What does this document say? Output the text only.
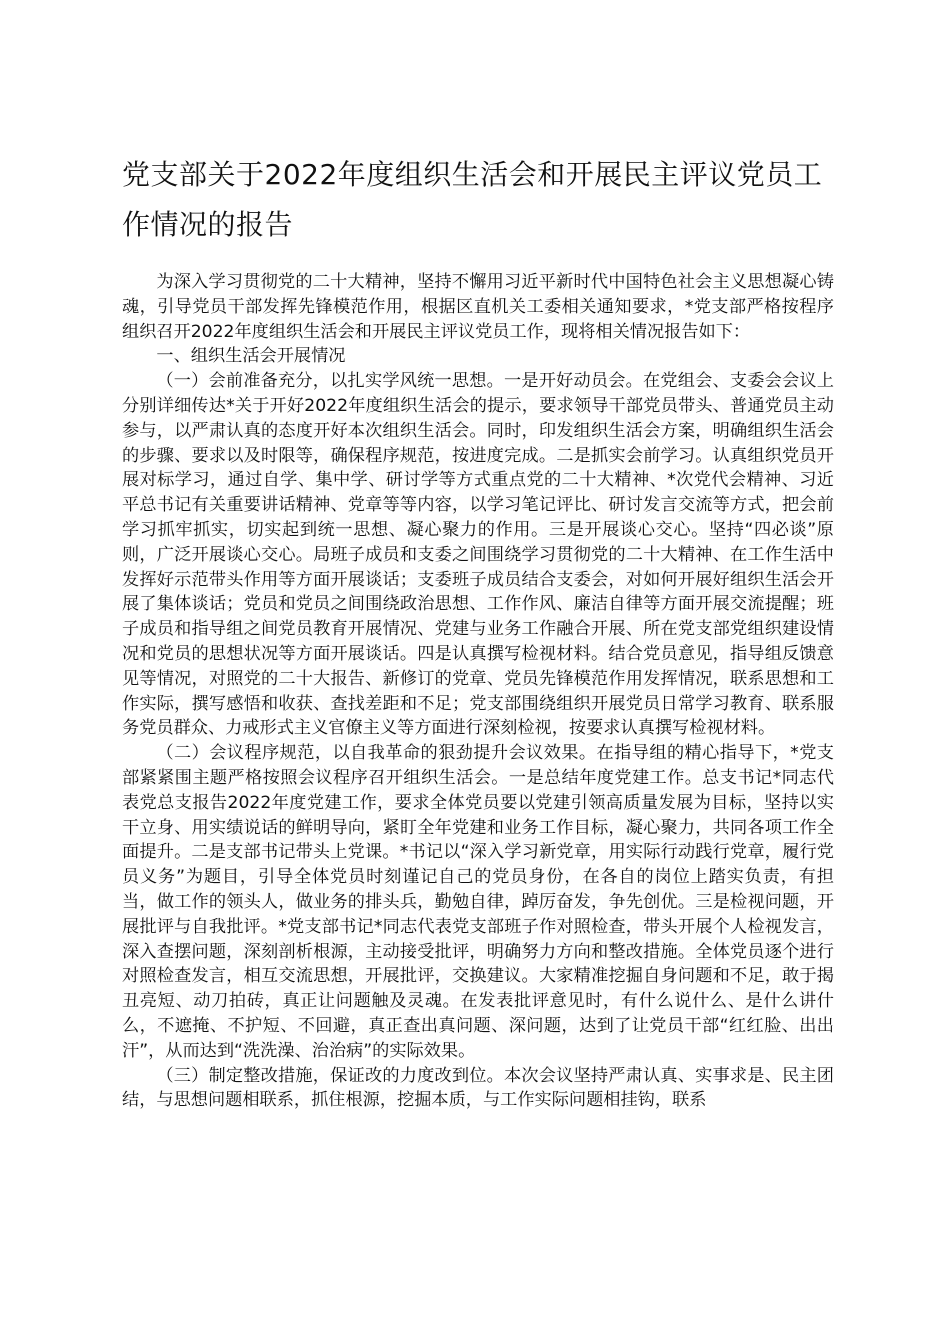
党支部关于2022年度组织生活会和开展民主评议党员工作情况的报告

为深入学习贯彻党的二十大精神，坚持不懈用习近平新时代中国特色社会主义思想凝心铸魂，引导党员干部发挥先锋模范作用，根据区直机关工委相关通知要求，*党支部严格按程序组织召开2022年度组织生活会和开展民主评议党员工作，现将相关情况报告如下：

一、组织生活会开展情况

（一）会前准备充分，以扎实学风统一思想。一是开好动员会。在党组会、支委会会议上分别详细传达*关于开好2022年度组织生活会的提示，要求领导干部党员带头、普通党员主动参与，以严肃认真的态度开好本次组织生活会。同时，印发组织生活会方案，明确组织生活会的步骤、要求以及时限等，确保程序规范，按进度完成。二是抓实会前学习。认真组织党员开展对标学习，通过自学、集中学、研讨学等方式重点党的二十大精神、*次党代会精神、习近平总书记有关重要讲话精神、党章等等内容，以学习笔记评比、研讨发言交流等方式，把会前学习抓牢抓实，切实起到统一思想、凝心聚力的作用。三是开展谈心交心。坚持“四必谈”原则，广泛开展谈心交心。局班子成员和支委之间围绕学习贯彻党的二十大精神、在工作生活中发挥好示范带头作用等方面开展谈话；支委班子成员结合支委会，对如何开展好组织生活会开展了集体谈话；党员和党员之间围绕政治思想、工作作风、廉洁自律等方面开展交流提醒；班子成员和指导组之间党员教育开展情况、党建与业务工作融合开展、所在党支部党组织建设情况和党员的思想状况等方面开展谈话。四是认真撰写检视材料。结合党员意见，指导组反馈意见等情况，对照党的二十大报告、新修订的党章、党员先锋模范作用发挥情况，联系思想和工作实际，撰写感悟和收获、查找差距和不足；党支部围绕组织开展党员日常学习教育、联系服务党员群众、力戒形式主义官僚主义等方面进行深刻检视，按要求认真撰写检视材料。

（二）会议程序规范，以自我革命的狠劲提升会议效果。在指导组的精心指导下，*党支部紧紧围主题严格按照会议程序召开组织生活会。一是总结年度党建工作。总支书记*同志代表党总支报告2022年度党建工作，要求全体党员要以党建引领高质量发展为目标，坚持以实干立身、用实绩说话的鲜明导向，紧盯全年党建和业务工作目标，凝心聚力，共同各项工作全面提升。二是支部书记带头上党课。*书记以“深入学习新党章，用实际行动践行党章，履行党员义务”为题目，引导全体党员时刻谨记自己的党员身份，在各自的岗位上踏实负责，有担当，做工作的领头人，做业务的排头兵，勤勉自律，踔厉奋发，争先创优。三是检视问题，开展批评与自我批评。*党支部书记*同志代表党支部班子作对照检查，带头开展个人检视发言，深入查摆问题，深刻剖析根源，主动接受批评，明确努力方向和整改措施。全体党员逐个进行对照检查发言，相互交流思想，开展批评，交换建议。大家精准挖掘自身问题和不足，敢于揭丑亮短、动刀拍砖，真正让问题触及灵魂。在发表批评意见时，有什么说什么、是什么讲什么，不遮掩、不护短、不回避，真正查出真问题、深问题，达到了让党员干部“红红脸、出出汗”，从而达到“洗洗澡、治治病”的实际效果。

（三）制定整改措施，保证改的力度改到位。本次会议坚持严肃认真、实事求是、民主团结，与思想问题相联系，抓住根源，挖掘本质，与工作实际问题相挂钩，联系
